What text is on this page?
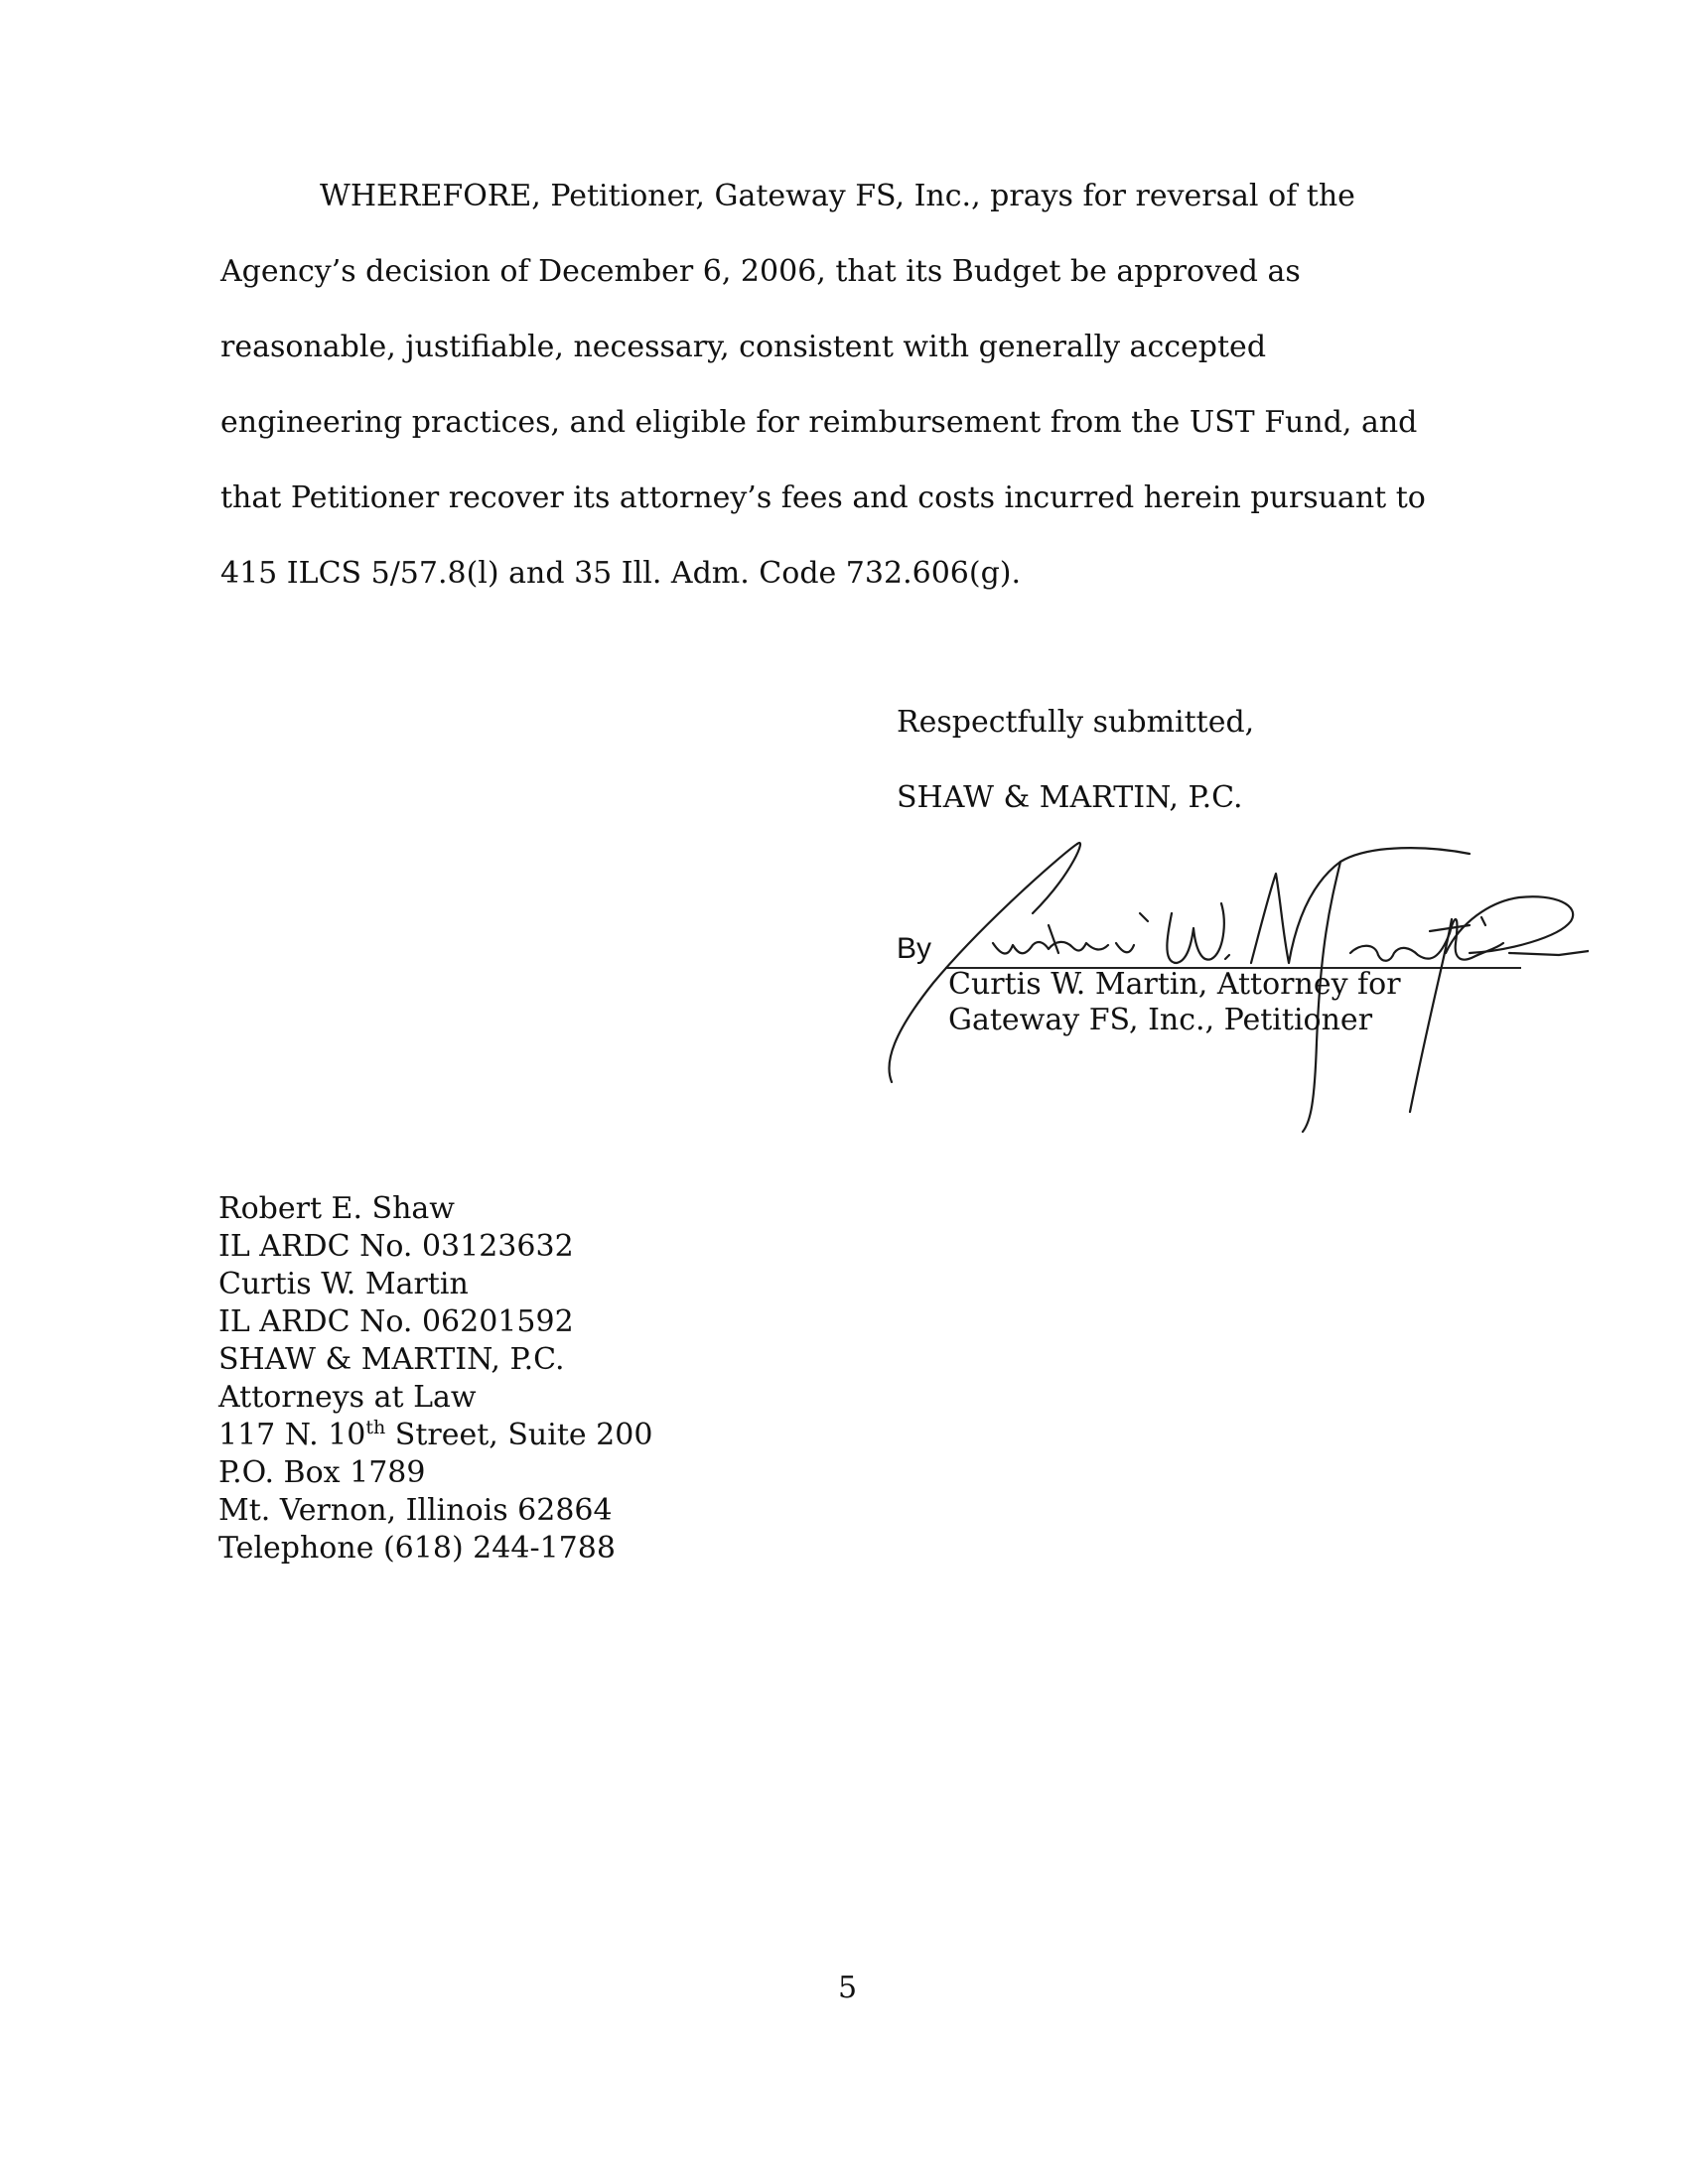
WHEREFORE, Petitioner, Gateway FS, Inc., prays for reversal of the
Agency’s decision of December 6, 2006, that its Budget be approved as
reasonable, justifiable, necessary, consistent with generally accepted
engineering practices, and eligible for reimbursement from the UST Fund, and
that Petitioner recover its attorney’s fees and costs incurred herein pursuant to
415 ILCS 5/57.8(l) and 35 Ill. Adm. Code 732.606(g).
Respectfully submitted,
SHAW & MARTIN, P.C.
By
Curtis W. Martin, Attorney for
Gateway FS, Inc., Petitioner
Robert E. Shaw
IL ARDC No. 03123632
Curtis W. Martin
IL ARDC No. 06201592
SHAW & MARTIN, P.C.
Attorneys at Law
117 N. 10th Street, Suite 200
P.O. Box 1789
Mt. Vernon, Illinois 62864
Telephone (618) 244-1788
5
